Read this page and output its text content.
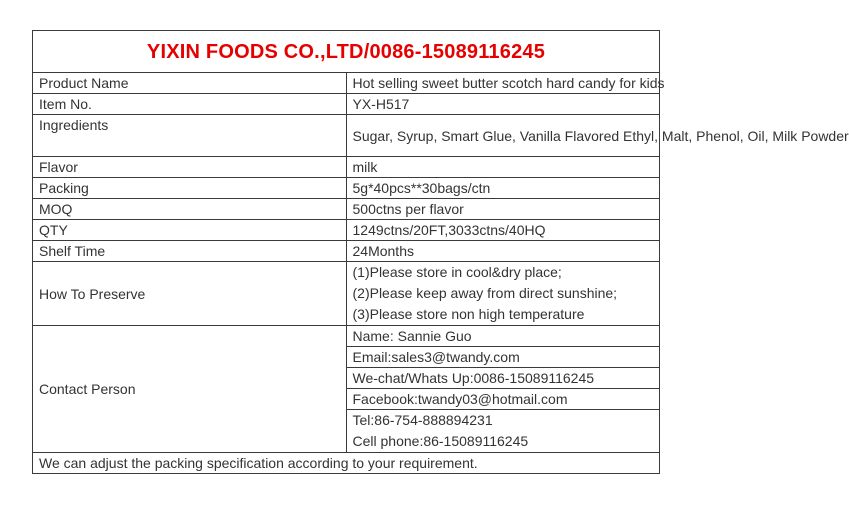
YIXIN FOODS CO.,LTD/0086-15089116245	
Product Name	Hot selling sweet butter scotch hard candy for kids
Item No.	YX-H517
Ingredients	Sugar, Syrup, Smart Glue, Vanilla Flavored Ethyl, Malt, Phenol, Oil, Milk Powder
Flavor	milk
Packing	5g*40pcs**30bags/ctn
MOQ	500ctns per flavor
QTY	1249ctns/20FT,3033ctns/40HQ
Shelf Time	24Months
How To Preserve	(1)Please store in cool&dry place;
(2)Please keep away from direct sunshine;
(3)Please store non high temperature

Contact Person	Name: Sannie Guo
	Email:sales3@twandy.com
	We-chat/Whats Up:0086-15089116245
	Facebook:twandy03@hotmail.com

	Tel:86-754-888894231
Cell phone:86-15089116245

We can adjust the packing specification according to your requirement.	
